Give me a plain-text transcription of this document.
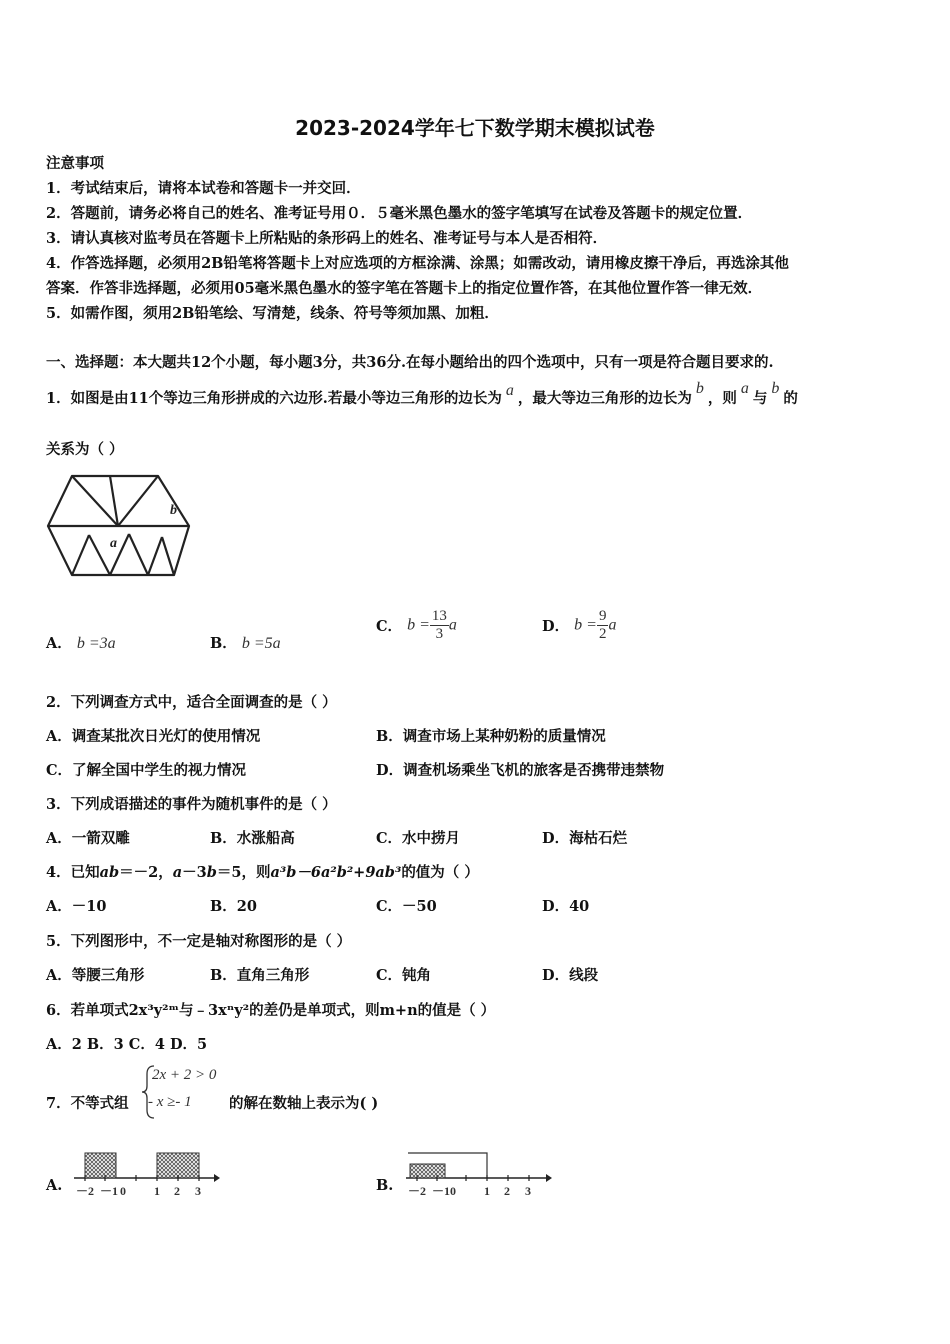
2023-2024学年七下数学期末模拟试卷
注意事项
1．考试结束后，请将本试卷和答题卡一并交回．
2．答题前，请务必将自己的姓名、准考证号用０．５毫米黑色墨水的签字笔填写在试卷及答题卡的规定位置．
3．请认真核对监考员在答题卡上所粘贴的条形码上的姓名、准考证号与本人是否相符．
4．作答选择题，必须用2B铅笔将答题卡上对应选项的方框涂满、涂黑；如需改动，请用橡皮擦干净后，再选涂其他
答案．作答非选择题，必须用05毫米黑色墨水的签字笔在答题卡上的指定位置作答，在其他位置作答一律无效．
5．如需作图，须用2B铅笔绘、写清楚，线条、符号等须加黑、加粗．
一、选择题：本大题共12个小题，每小题3分，共36分.在每小题给出的四个选项中，只有一项是符合题目要求的.
1．如图是由11个等边三角形拼成的六边形.若最小等边三角形的边长为 a ，最大等边三角形的边长为b，则a与b的
关系为（ ）
a
b
A． b =3a	B． b =5a
C． $b = \frac{13}{3}$ a	D． $b = \frac{9}{2}$ a
2．下列调查方式中，适合全面调查的是（ ）
A．调查某批次日光灯的使用情况	B．调查市场上某种奶粉的质量情况
C．了解全国中学生的视力情况	D．调查机场乘坐飞机的旅客是否携带违禁物
3．下列成语描述的事件为随机事件的是（ ）
A．一箭双雕	B．水涨船高	C．水中捞月	D．海枯石烂
4．已知ab＝－2，a－3b＝5，则a³b－6a²b²+9ab³的值为（ ）
A．－10	B．20	C．－50	D．40
5．下列图形中，不一定是轴对称图形的是（ ）
A．等腰三角形	B．直角三角形	C．钝角	D．线段
6．若单项式2x³y²ᵐ与﹣3xⁿy²的差仍是单项式，则m+n的值是（ ）
A．2 B．3 C．4 D．5
7．不等式组
2x + 2 > 0
- x ≥- 1	的解在数轴上表示为( )
A. －2 －1 0 1 2 3	B. －2 －1 0 1 2 3
